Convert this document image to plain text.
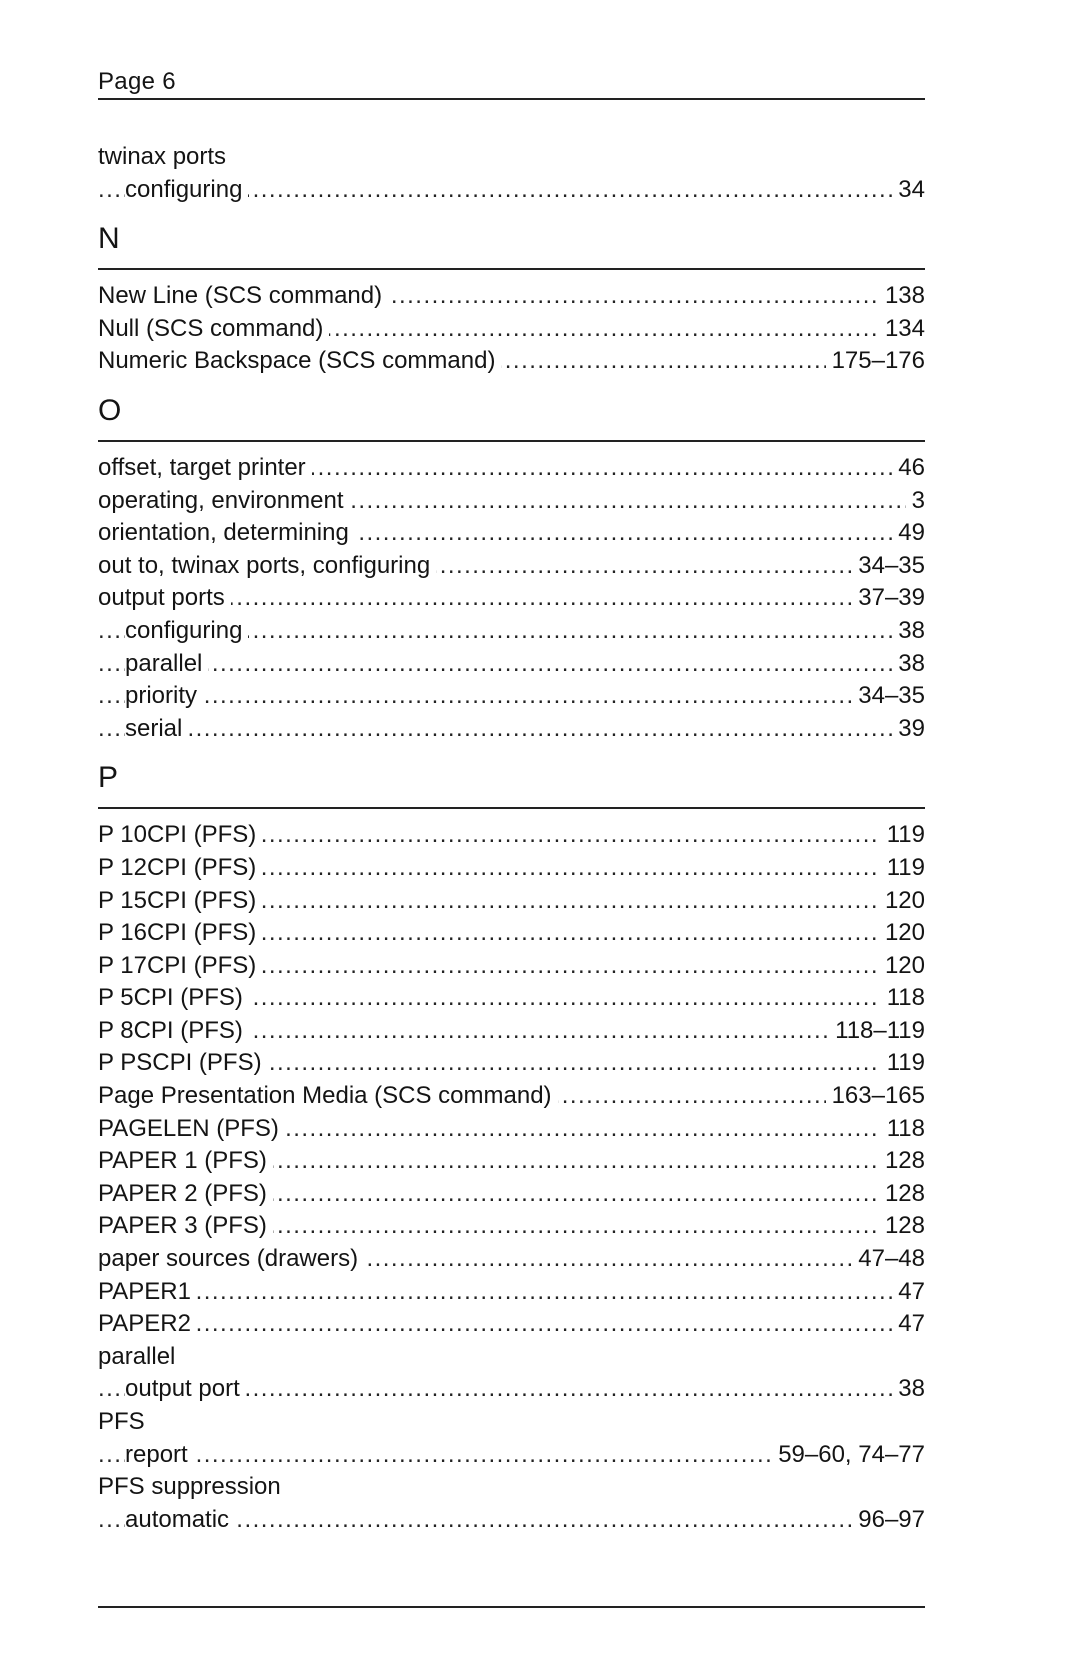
Page 6
twinax ports
configuring	34
. . .
N
New Line (SCS command)	138
. . .
Null (SCS command)	134
. . .
Numeric Backspace (SCS command)	175–176
. . .
O
offset, target printer	46
. . .
operating, environment	3
. . .
orientation, determining	49
. . .
out to, twinax ports, configuring	34–35
. . .
output ports	37–39
. . .
configuring	38
. . .
parallel	38
. . .
priority	34–35
. . .
serial	39
. . .
P
P 10CPI (PFS)	119
. . .
P 12CPI (PFS)	119
. . .
P 15CPI (PFS)	120
. . .
P 16CPI (PFS)	120
. . .
P 17CPI (PFS)	120
. . .
P 5CPI (PFS)	118
. . .
P 8CPI (PFS)	118–119
. . .
P PSCPI (PFS)	119
. . .
Page Presentation Media (SCS command)	163–165
. . .
PAGELEN (PFS)	118
. . .
PAPER 1 (PFS)	128
. . .
PAPER 2 (PFS)	128
. . .
PAPER 3 (PFS)	128
. . .
paper sources (drawers)	47–48
. . .
PAPER1	47
. . .
PAPER2	47
. . .
parallel
output port	38
. . .
PFS
report	59–60, 74–77
. . .
PFS suppression
automatic	96–97
. . .
